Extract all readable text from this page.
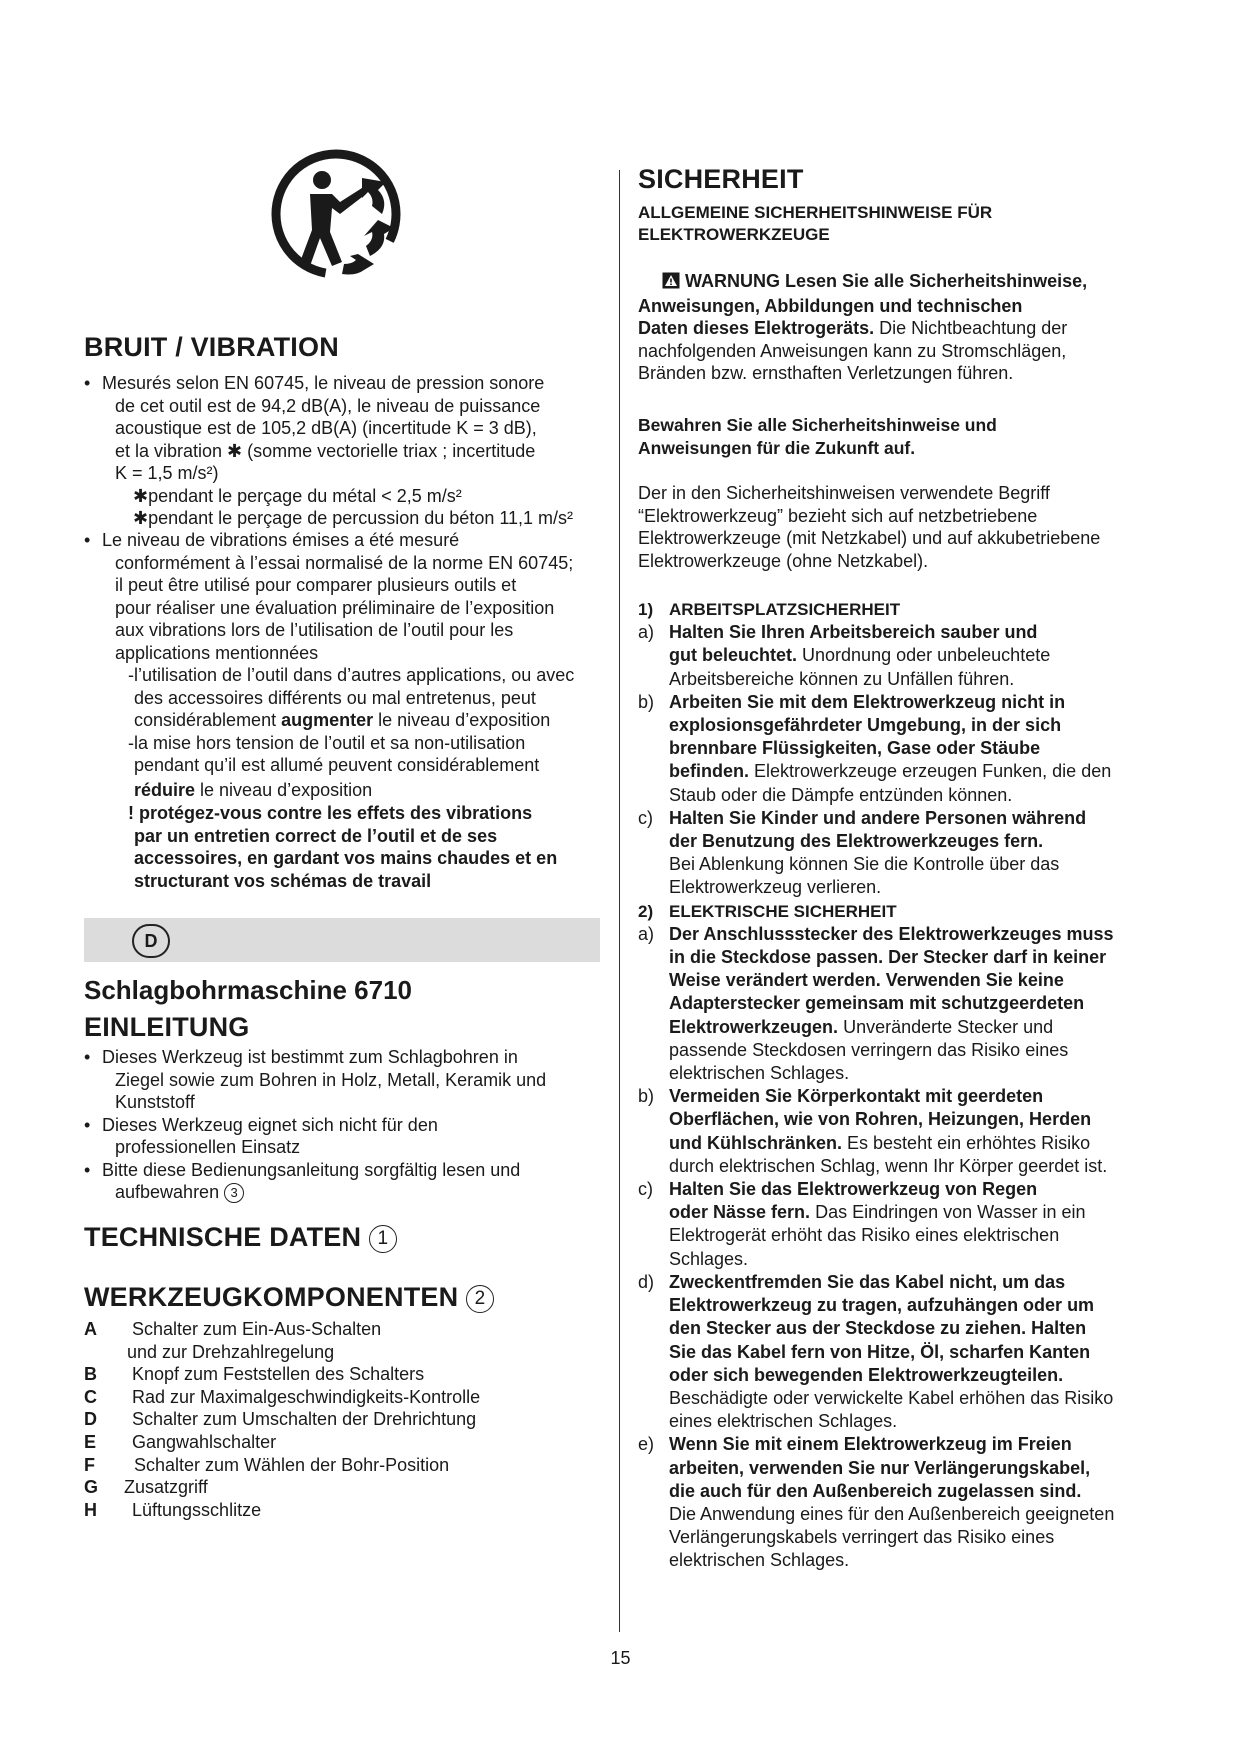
BRUIT / VIBRATION
• Mesurés selon EN 60745, le niveau de pression sonore
de cet outil est de 94,2 dB(A), le niveau de puissance
acoustique est de 105,2 dB(A) (incertitude K = 3 dB),
et la vibration ✱ (somme vectorielle triax ; incertitude
K = 1,5 m/s²)
✱pendant le perçage du métal < 2,5 m/s²
✱pendant le perçage de percussion du béton 11,1 m/s²
• Le niveau de vibrations émises a été mesuré
conformément à l’essai normalisé de la norme EN 60745;
il peut être utilisé pour comparer plusieurs outils et
pour réaliser une évaluation préliminaire de l’exposition
aux vibrations lors de l’utilisation de l’outil pour les
applications mentionnées
-l’utilisation de l’outil dans d’autres applications, ou avec
des accessoires différents ou mal entretenus, peut
considérablement augmenter le niveau d’exposition
-la mise hors tension de l’outil et sa non-utilisation
pendant qu’il est allumé peuvent considérablement
réduire le niveau d’exposition
! protégez-vous contre les effets des vibrations
par un entretien correct de l’outil et de ses
accessoires, en gardant vos mains chaudes et en
structurant vos schémas de travail
D
Schlagbohrmaschine 6710
EINLEITUNG
• Dieses Werkzeug ist bestimmt zum Schlagbohren in
Ziegel sowie zum Bohren in Holz, Metall, Keramik und
Kunststoff
• Dieses Werkzeug eignet sich nicht für den
professionellen Einsatz
• Bitte diese Bedienungsanleitung sorgfältig lesen und
aufbewahren 3
TECHNISCHE DATEN 1
WERKZEUGKOMPONENTEN 2
A	Schalter zum Ein-Aus-Schalten
und zur Drehzahlregelung

B	Knopf zum Feststellen des Schalters
C	Rad zur Maximalgeschwindigkeits-Kontrolle
D	Schalter zum Umschalten der Drehrichtung
E	Gangwahlschalter
F	Schalter zum Wählen der Bohr-Position
G	Zusatzgriff
H	Lüftungsschlitze
SICHERHEIT
ALLGEMEINE SICHERHEITSHINWEISE FÜR
ELEKTROWERKZEUGE
WARNUNG Lesen Sie alle Sicherheitshinweise,
Anweisungen, Abbildungen und technischen
Daten dieses Elektrogeräts. Die Nichtbeachtung der
nachfolgenden Anweisungen kann zu Stromschlägen,
Bränden bzw. ernsthaften Verletzungen führen.
Bewahren Sie alle Sicherheitshinweise und
Anweisungen für die Zukunft auf.
Der in den Sicherheitshinweisen verwendete Begriff
“Elektrowerkzeug” bezieht sich auf netzbetriebene
Elektrowerkzeuge (mit Netzkabel) und auf akkubetriebene
Elektrowerkzeuge (ohne Netzkabel).
1) ARBEITSPLATZSICHERHEIT
a) Halten Sie Ihren Arbeitsbereich sauber und
gut beleuchtet. Unordnung oder unbeleuchtete
Arbeitsbereiche können zu Unfällen führen.
b) Arbeiten Sie mit dem Elektrowerkzeug nicht in
explosionsgefährdeter Umgebung, in der sich
brennbare Flüssigkeiten, Gase oder Stäube
befinden. Elektrowerkzeuge erzeugen Funken, die den
Staub oder die Dämpfe entzünden können.
c) Halten Sie Kinder und andere Personen während
der Benutzung des Elektrowerkzeuges fern.
Bei Ablenkung können Sie die Kontrolle über das
Elektrowerkzeug verlieren.
2) ELEKTRISCHE SICHERHEIT
a) Der Anschlussstecker des Elektrowerkzeuges muss
in die Steckdose passen. Der Stecker darf in keiner
Weise verändert werden. Verwenden Sie keine
Adapterstecker gemeinsam mit schutzgeerdeten
Elektrowerkzeugen. Unveränderte Stecker und
passende Steckdosen verringern das Risiko eines
elektrischen Schlages.
b) Vermeiden Sie Körperkontakt mit geerdeten
Oberflächen, wie von Rohren, Heizungen, Herden
und Kühlschränken. Es besteht ein erhöhtes Risiko
durch elektrischen Schlag, wenn Ihr Körper geerdet ist.
c) Halten Sie das Elektrowerkzeug von Regen
oder Nässe fern. Das Eindringen von Wasser in ein
Elektrogerät erhöht das Risiko eines elektrischen
Schlages.
d) Zweckentfremden Sie das Kabel nicht, um das
Elektrowerkzeug zu tragen, aufzuhängen oder um
den Stecker aus der Steckdose zu ziehen. Halten
Sie das Kabel fern von Hitze, Öl, scharfen Kanten
oder sich bewegenden Elektrowerkzeugteilen.
Beschädigte oder verwickelte Kabel erhöhen das Risiko
eines elektrischen Schlages.
e) Wenn Sie mit einem Elektrowerkzeug im Freien
arbeiten, verwenden Sie nur Verlängerungskabel,
die auch für den Außenbereich zugelassen sind.
Die Anwendung eines für den Außenbereich geeigneten
Verlängerungskabels verringert das Risiko eines
elektrischen Schlages.
15
